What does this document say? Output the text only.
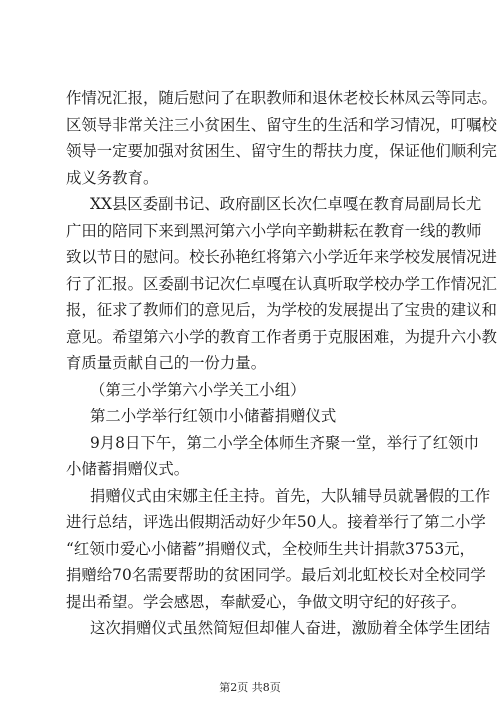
作情况汇报，随后慰问了在职教师和退休老校长林凤云等同志。
区领导非常关注三小贫困生、留守生的生活和学习情况，叮嘱校
领导一定要加强对贫困生、留守生的帮扶力度，保证他们顺利完
成义务教育。
XX县区委副书记、政府副区长次仁卓嘎在教育局副局长尤
广田的陪同下来到黑河第六小学向辛勤耕耘在教育一线的教师
致以节日的慰问。校长孙艳红将第六小学近年来学校发展情况进
行了汇报。区委副书记次仁卓嘎在认真听取学校办学工作情况汇
报，征求了教师们的意见后，为学校的发展提出了宝贵的建议和
意见。希望第六小学的教育工作者勇于克服困难，为提升六小教
育质量贡献自己的一份力量。
（第三小学第六小学关工小组）
第二小学举行红领巾小储蓄捐赠仪式
9月8日下午，第二小学全体师生齐聚一堂，举行了红领巾
小储蓄捐赠仪式。
捐赠仪式由宋娜主任主持。首先，大队辅导员就暑假的工作
进行总结，评选出假期活动好少年50人。接着举行了第二小学
“红领巾爱心小储蓄”捐赠仪式，全校师生共计捐款3753元，
捐赠给70名需要帮助的贫困同学。最后刘北虹校长对全校同学
提出希望。学会感恩，奉献爱心，争做文明守纪的好孩子。
这次捐赠仪式虽然简短但却催人奋进，激励着全体学生团结
第2页 共8页
